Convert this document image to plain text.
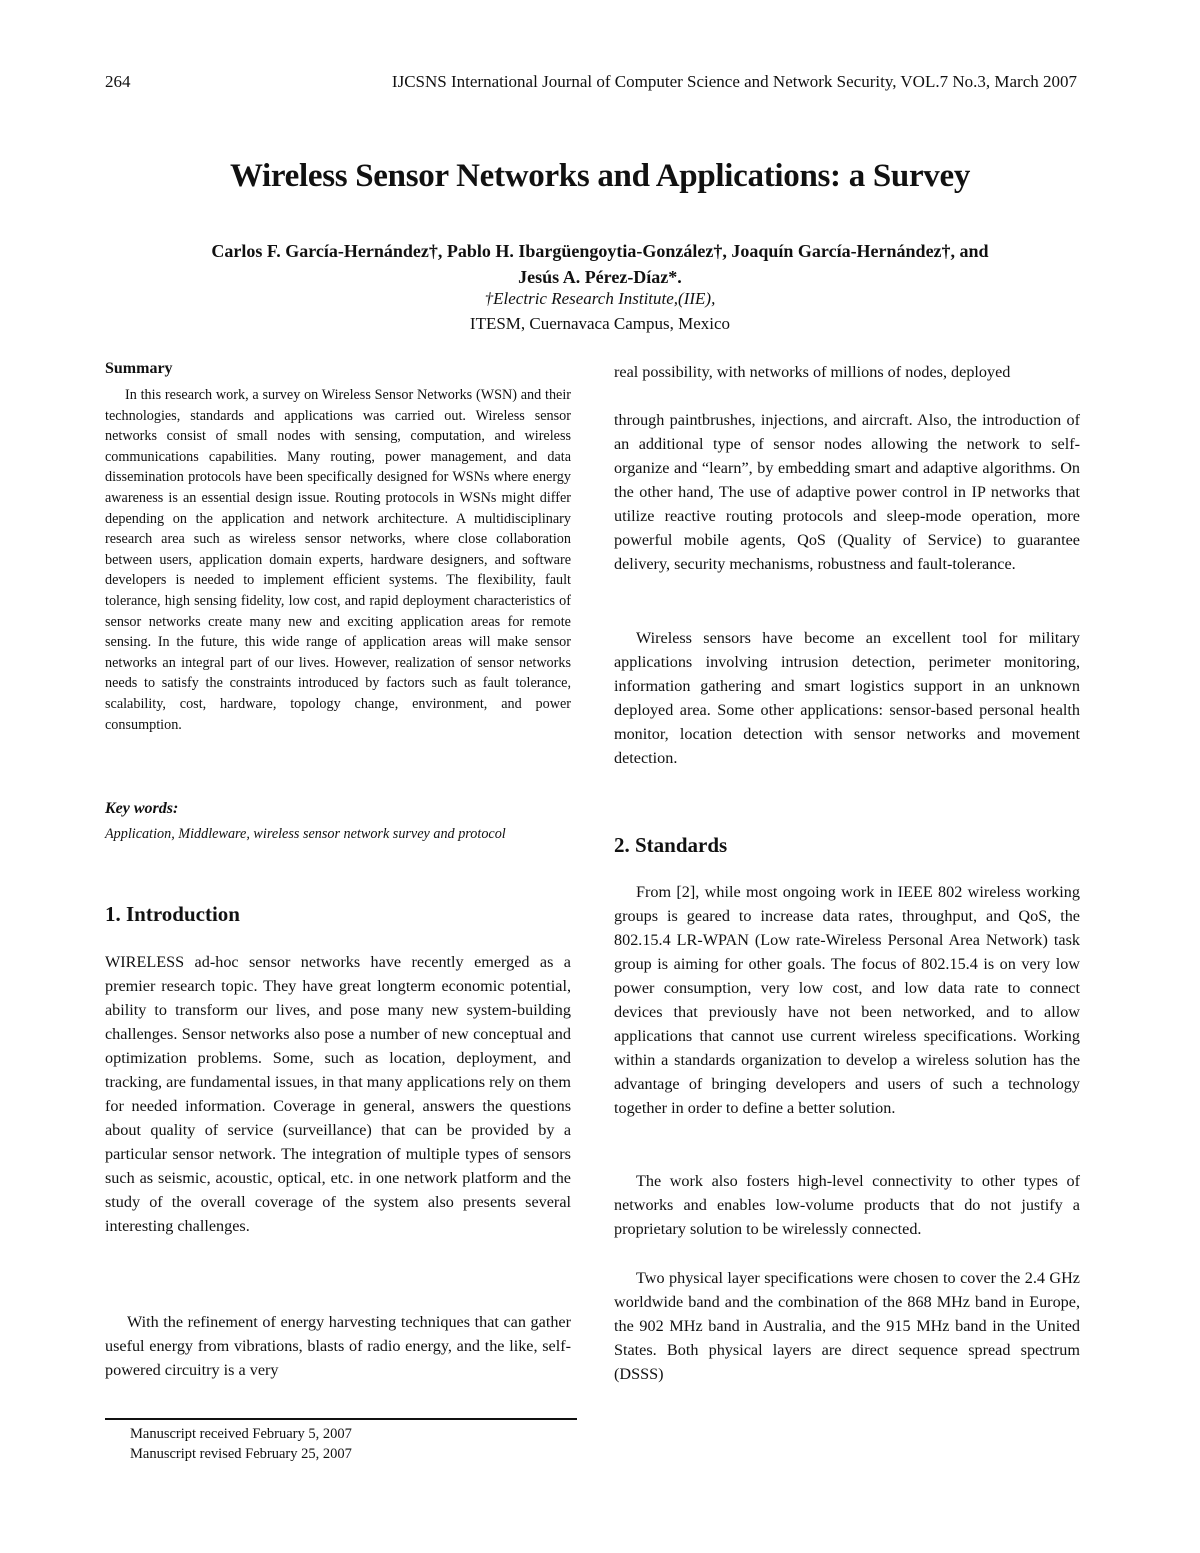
264	IJCSNS International Journal of Computer Science and Network Security, VOL.7 No.3, March 2007
Wireless Sensor Networks and Applications: a Survey
Carlos F. García-Hernández†, Pablo H. Ibargüengoytia-González†, Joaquín García-Hernández†, and
Jesús A. Pérez-Díaz*.
†Electric Research Institute,(IIE),
ITESM, Cuernavaca Campus, Mexico
Summary
In this research work, a survey on Wireless Sensor Networks (WSN) and their technologies, standards and applications was carried out. Wireless sensor networks consist of small nodes with sensing, computation, and wireless communications capabilities. Many routing, power management, and data dissemination protocols have been specifically designed for WSNs where energy awareness is an essential design issue. Routing protocols in WSNs might differ depending on the application and network architecture. A multidisciplinary research area such as wireless sensor networks, where close collaboration between users, application domain experts, hardware designers, and software developers is needed to implement efficient systems. The flexibility, fault tolerance, high sensing fidelity, low cost, and rapid deployment characteristics of sensor networks create many new and exciting application areas for remote sensing. In the future, this wide range of application areas will make sensor networks an integral part of our lives. However, realization of sensor networks needs to satisfy the constraints introduced by factors such as fault tolerance, scalability, cost, hardware, topology change, environment, and power consumption.
Key words:
Application, Middleware, wireless sensor network survey and protocol
1. Introduction
WIRELESS ad-hoc sensor networks have recently emerged as a premier research topic. They have great longterm economic potential, ability to transform our lives, and pose many new system-building challenges. Sensor networks also pose a number of new conceptual and optimization problems. Some, such as location, deployment, and tracking, are fundamental issues, in that many applications rely on them for needed information. Coverage in general, answers the questions about quality of service (surveillance) that can be provided by a particular sensor network. The integration of multiple types of sensors such as seismic, acoustic, optical, etc. in one network platform and the study of the overall coverage of the system also presents several interesting challenges.
With the refinement of energy harvesting techniques that can gather useful energy from vibrations, blasts of radio energy, and the like, self-powered circuitry is a very
real possibility, with networks of millions of nodes, deployed
through paintbrushes, injections, and aircraft. Also, the introduction of an additional type of sensor nodes allowing the network to self-organize and “learn”, by embedding smart and adaptive algorithms. On the other hand, The use of adaptive power control in IP networks that utilize reactive routing protocols and sleep-mode operation, more powerful mobile agents, QoS (Quality of Service) to guarantee delivery, security mechanisms, robustness and fault-tolerance.
Wireless sensors have become an excellent tool for military applications involving intrusion detection, perimeter monitoring, information gathering and smart logistics support in an unknown deployed area. Some other applications: sensor-based personal health monitor, location detection with sensor networks and movement detection.
2. Standards
From [2], while most ongoing work in IEEE 802 wireless working groups is geared to increase data rates, throughput, and QoS, the 802.15.4 LR-WPAN (Low rate-Wireless Personal Area Network) task group is aiming for other goals. The focus of 802.15.4 is on very low power consumption, very low cost, and low data rate to connect devices that previously have not been networked, and to allow applications that cannot use current wireless specifications. Working within a standards organization to develop a wireless solution has the advantage of bringing developers and users of such a technology together in order to define a better solution.
The work also fosters high-level connectivity to other types of networks and enables low-volume products that do not justify a proprietary solution to be wirelessly connected.
Two physical layer specifications were chosen to cover the 2.4 GHz worldwide band and the combination of the 868 MHz band in Europe, the 902 MHz band in Australia, and the 915 MHz band in the United States. Both physical layers are direct sequence spread spectrum (DSSS)
Manuscript received February 5, 2007
Manuscript revised February 25, 2007
